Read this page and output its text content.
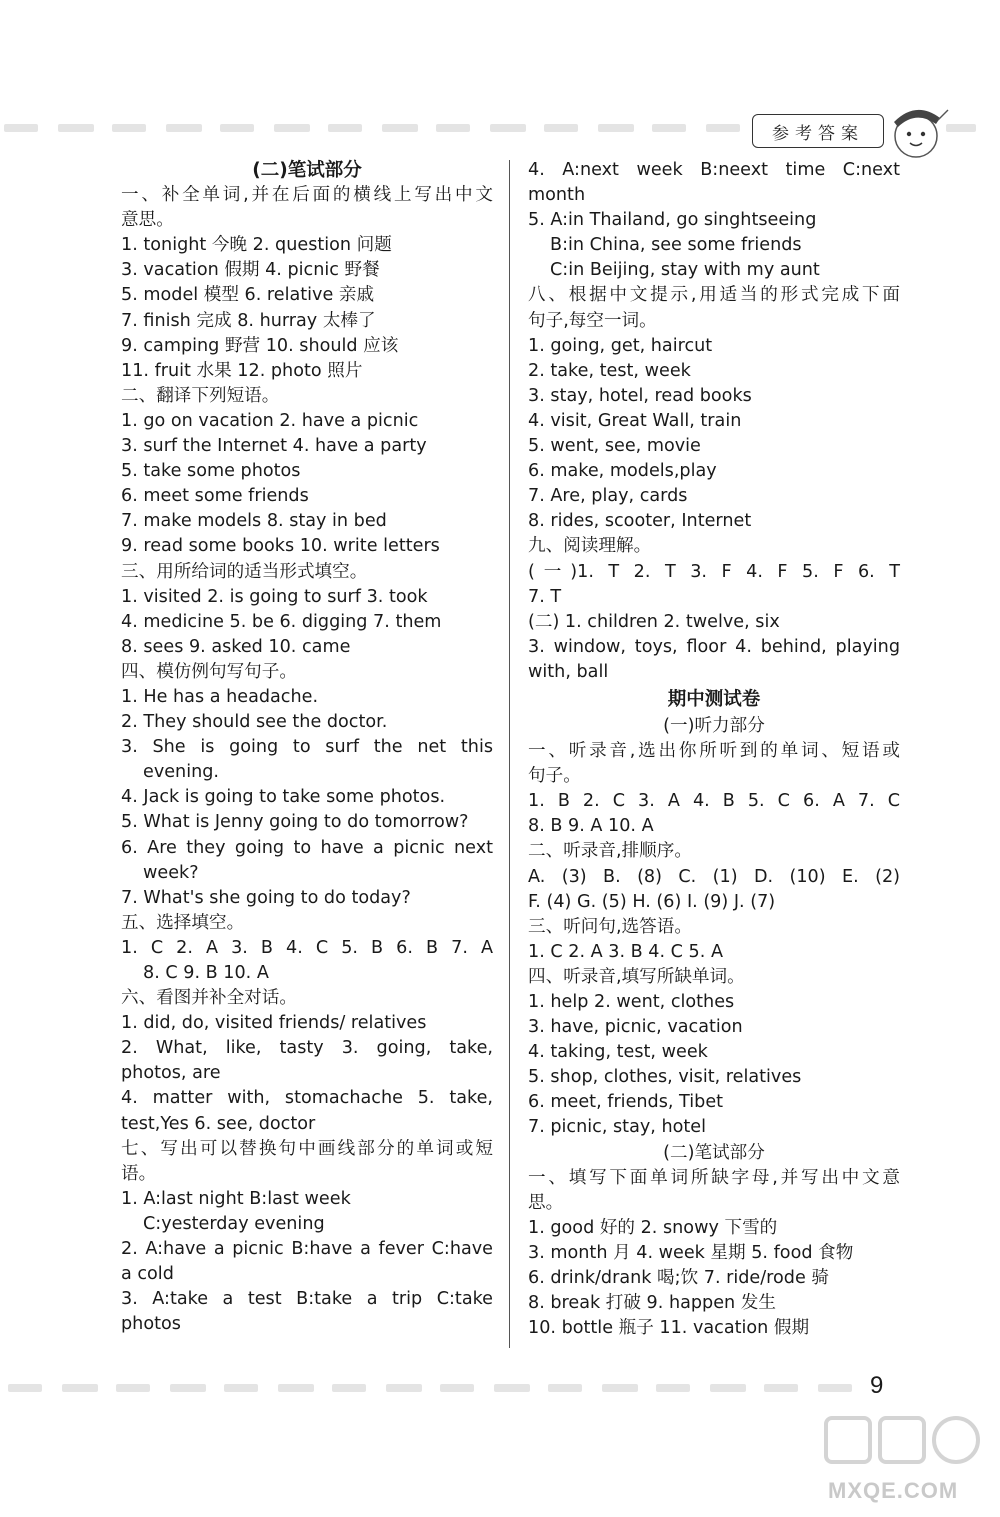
参考答案
(二)笔试部分
一、补全单词,并在后面的横线上写出中文
意思。
1. tonight 今晚 2. question 问题
3. vacation 假期 4. picnic 野餐
5. model 模型 6. relative 亲戚
7. finish 完成 8. hurray 太棒了
9. camping 野营 10. should 应该
11. fruit 水果 12. photo 照片
二、翻译下列短语。
1. go on vacation 2. have a picnic
3. surf the Internet 4. have a party
5. take some photos
6. meet some friends
7. make models 8. stay in bed
9. read some books 10. write letters
三、用所给词的适当形式填空。
1. visited 2. is going to surf 3. took
4. medicine 5. be 6. digging 7. them
8. sees 9. asked 10. came
四、模仿例句写句子。
1. He has a headache.
2. They should see the doctor.
3. She is going to surf the net this
evening.
4. Jack is going to take some photos.
5. What is Jenny going to do tomorrow?
6. Are they going to have a picnic next
week?
7. What's she going to do today?
五、选择填空。
1. C 2. A 3. B 4. C 5. B 6. B 7. A
8. C 9. B 10. A
六、看图并补全对话。
1. did, do, visited friends/ relatives
2. What, like, tasty 3. going, take,
photos, are
4. matter with, stomachache 5. take,
test,Yes 6. see, doctor
七、写出可以替换句中画线部分的单词或短
语。
1. A:last night B:last week
C:yesterday evening
2. A:have a picnic B:have a fever C:have
a cold
3. A:take a test B:take a trip C:take
photos
4. A:next week B:neext time C:next
month
5. A:in Thailand, go singhtseeing
B:in China, see some friends
C:in Beijing, stay with my aunt
八、根据中文提示,用适当的形式完成下面
句子,每空一词。
1. going, get, haircut
2. take, test, week
3. stay, hotel, read books
4. visit, Great Wall, train
5. went, see, movie
6. make, models,play
7. Are, play, cards
8. rides, scooter, Internet
九、阅读理解。
(一)1. T 2. T 3. F 4. F 5. F 6. T
7. T
(二) 1. children 2. twelve, six
3. window, toys, floor 4. behind, playing
with, ball
期中测试卷
(一)听力部分
一、听录音,选出你所听到的单词、短语或
句子。
1. B 2. C 3. A 4. B 5. C 6. A 7. C
8. B 9. A 10. A
二、听录音,排顺序。
A. (3) B. (8) C. (1) D. (10) E. (2)
F. (4) G. (5) H. (6) I. (9) J. (7)
三、听问句,选答语。
1. C 2. A 3. B 4. C 5. A
四、听录音,填写所缺单词。
1. help 2. went, clothes
3. have, picnic, vacation
4. taking, test, week
5. shop, clothes, visit, relatives
6. meet, friends, Tibet
7. picnic, stay, hotel
(二)笔试部分
一、填写下面单词所缺字母,并写出中文意
思。
1. good 好的 2. snowy 下雪的
3. month 月 4. week 星期 5. food 食物
6. drink/drank 喝;饮 7. ride/rode 骑
8. break 打破 9. happen 发生
10. bottle 瓶子 11. vacation 假期
9
MXQE.COM
